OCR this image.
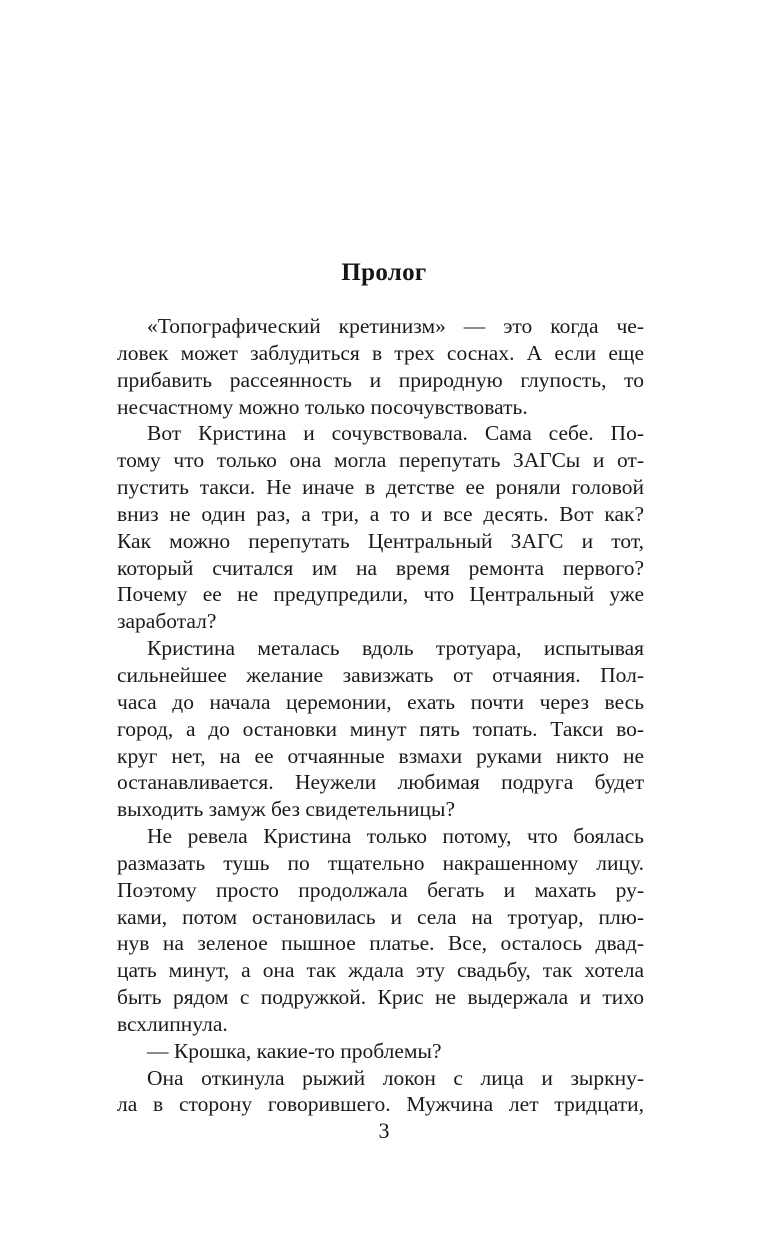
Пролог
«Топографический кретинизм» — это когда че-
ловек может заблудиться в трех соснах. А если еще
прибавить рассеянность и природную глупость, то
несчастному можно только посочувствовать.
Вот Кристина и сочувствовала. Сама себе. По-
тому что только она могла перепутать ЗАГСы и от-
пустить такси. Не иначе в детстве ее роняли головой
вниз не один раз, а три, а то и все десять. Вот как?
Как можно перепутать Центральный ЗАГС и тот,
который считался им на время ремонта первого?
Почему ее не предупредили, что Центральный уже
заработал?
Кристина металась вдоль тротуара, испытывая
сильнейшее желание завизжать от отчаяния. Пол-
часа до начала церемонии, ехать почти через весь
город, а до остановки минут пять топать. Такси во-
круг нет, на ее отчаянные взмахи руками никто не
останавливается. Неужели любимая подруга будет
выходить замуж без свидетельницы?
Не ревела Кристина только потому, что боялась
размазать тушь по тщательно накрашенному лицу.
Поэтому просто продолжала бегать и махать ру-
ками, потом остановилась и села на тротуар, плю-
нув на зеленое пышное платье. Все, осталось двад-
цать минут, а она так ждала эту свадьбу, так хотела
быть рядом с подружкой. Крис не выдержала и тихо
всхлипнула.
— Крошка, какие-то проблемы?
Она откинула рыжий локон с лица и зыркну-
ла в сторону говорившего. Мужчина лет тридцати,
3
